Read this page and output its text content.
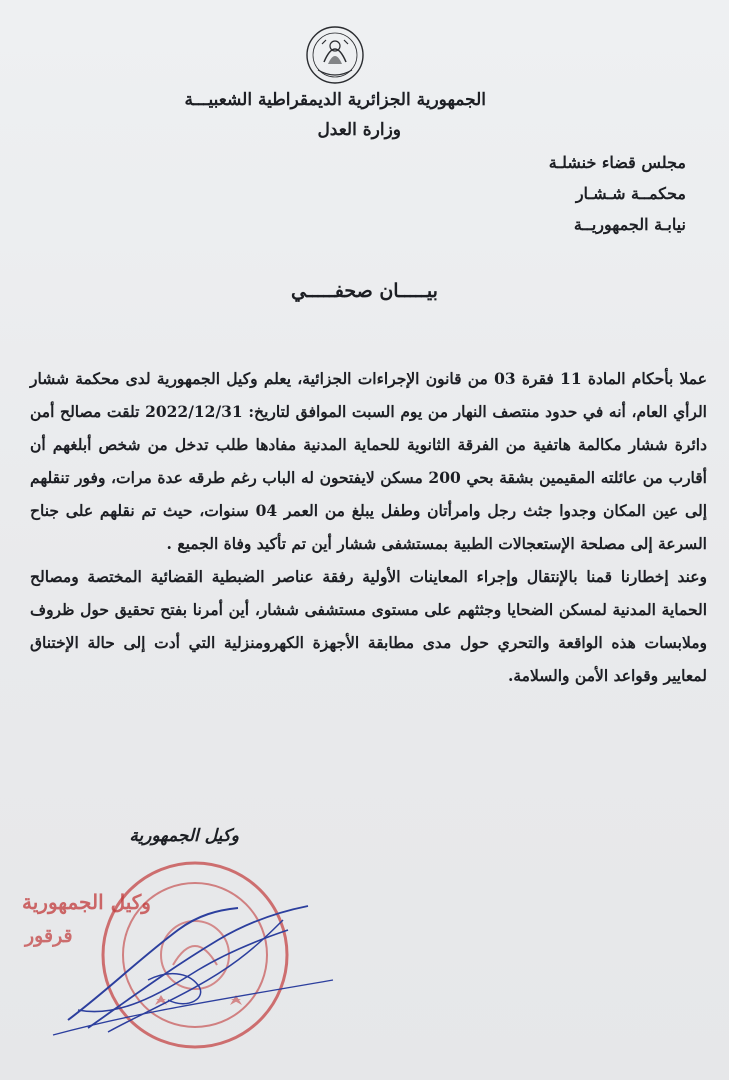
الجمهورية الجزائرية الديمقراطية الشعبيـــة
وزارة العدل
مجلس قضاء خنشلـة
محكمــة شـشـار
نيابـة الجمهوريــة
بيـــــان صحفـــــي

عملا بأحكام المادة 11 فقرة 03 من قانون الإجراءات الجزائية، يعلم وكيل الجمهورية لدى محكمة ششار الرأي العام، أنه في حدود منتصف النهار من يوم السبت الموافق لتاريخ: 2022/12/31 تلقت مصالح أمن دائرة ششار مكالمة هاتفية من الفرقة الثانوية للحماية المدنية مفادها طلب تدخل من شخص أبلغهم أن أقارب من عائلته المقيمين بشقة بحي 200 مسكن لايفتحون له الباب رغم طرقه عدة مرات، وفور تنقلهم إلى عين المكان وجدوا جثث رجل وامرأتان وطفل يبلغ من العمر 04 سنوات، حيث تم نقلهم على جناح السرعة إلى مصلحة الإستعجالات الطبية بمستشفى ششار أين تم تأكيد وفاة الجميع .

وعند إخطارنا قمنا بالإنتقال وإجراء المعاينات الأولية رفقة عناصر الضبطية القضائية المختصة ومصالح الحماية المدنية لمسكن الضحايا وجثثهم على مستوى مستشفى ششار، أين أمرنا بفتح تحقيق حول ظروف وملابسات هذه الواقعة والتحري حول مدى مطابقة الأجهزة الكهرومنزلية التي أدت إلى حالة الإختناق لمعايير وقواعد الأمن والسلامة.

وكيل الجمهورية
وكيل الجمهورية
قرقور
